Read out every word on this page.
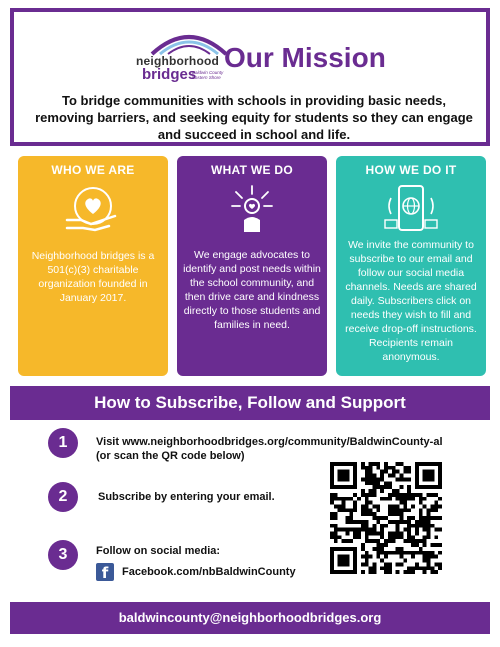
neighborhood
bridges
Baldwin County Eastern Shore
Our Mission
To bridge communities with schools in providing basic needs, removing barriers, and seeking equity for students so they can engage and succeed in school and life.
WHO WE ARE
Neighborhood bridges is a 501(c)(3) charitable organization founded in January 2017.
WHAT WE DO
We engage advocates to identify and post needs within the school community, and then drive care and kindness directly to those students and families in need.
HOW WE DO IT
We invite the community to subscribe to our email and follow our social media channels. Needs are shared daily. Subscribers click on needs they wish to fill and receive drop-off instructions. Recipients remain anonymous.
How to Subscribe, Follow and Support
1	Visit www.neighborhoodbridges.org/community/BaldwinCounty-al
(or scan the QR code below)
2	Subscribe by entering your email.
3	Follow on social media:
f	Facebook.com/nbBaldwinCounty
baldwincounty@neighborhoodbridges.org
